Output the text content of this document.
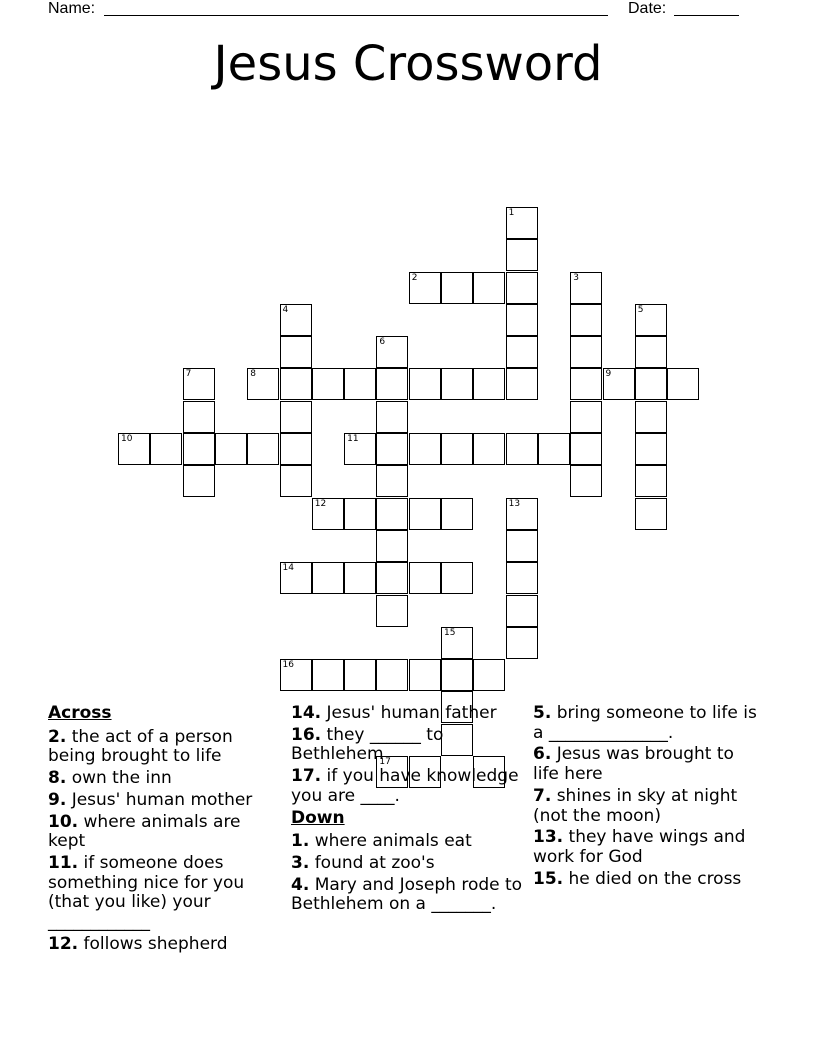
Name:	Date:
Jesus Crossword
1
2	3
4	5
6
7	8	9
10	11
12	13
14
15
16
17
Across
2. the act of a person being brought to life
8. own the inn
9. Jesus' human mother
10. where animals are kept
11. if someone does something nice for you (that you like) your ____________
12. follows shepherd
14. Jesus' human father
16. they ______ to Bethlehem
17. if you have knowledge you are ____.
Down
1. where animals eat
3. found at zoo's
4. Mary and Joseph rode to Bethlehem on a _______.
5. bring someone to life is a ______________.
6. Jesus was brought to life here
7. shines in sky at night (not the moon)
13. they have wings and work for God
15. he died on the cross
